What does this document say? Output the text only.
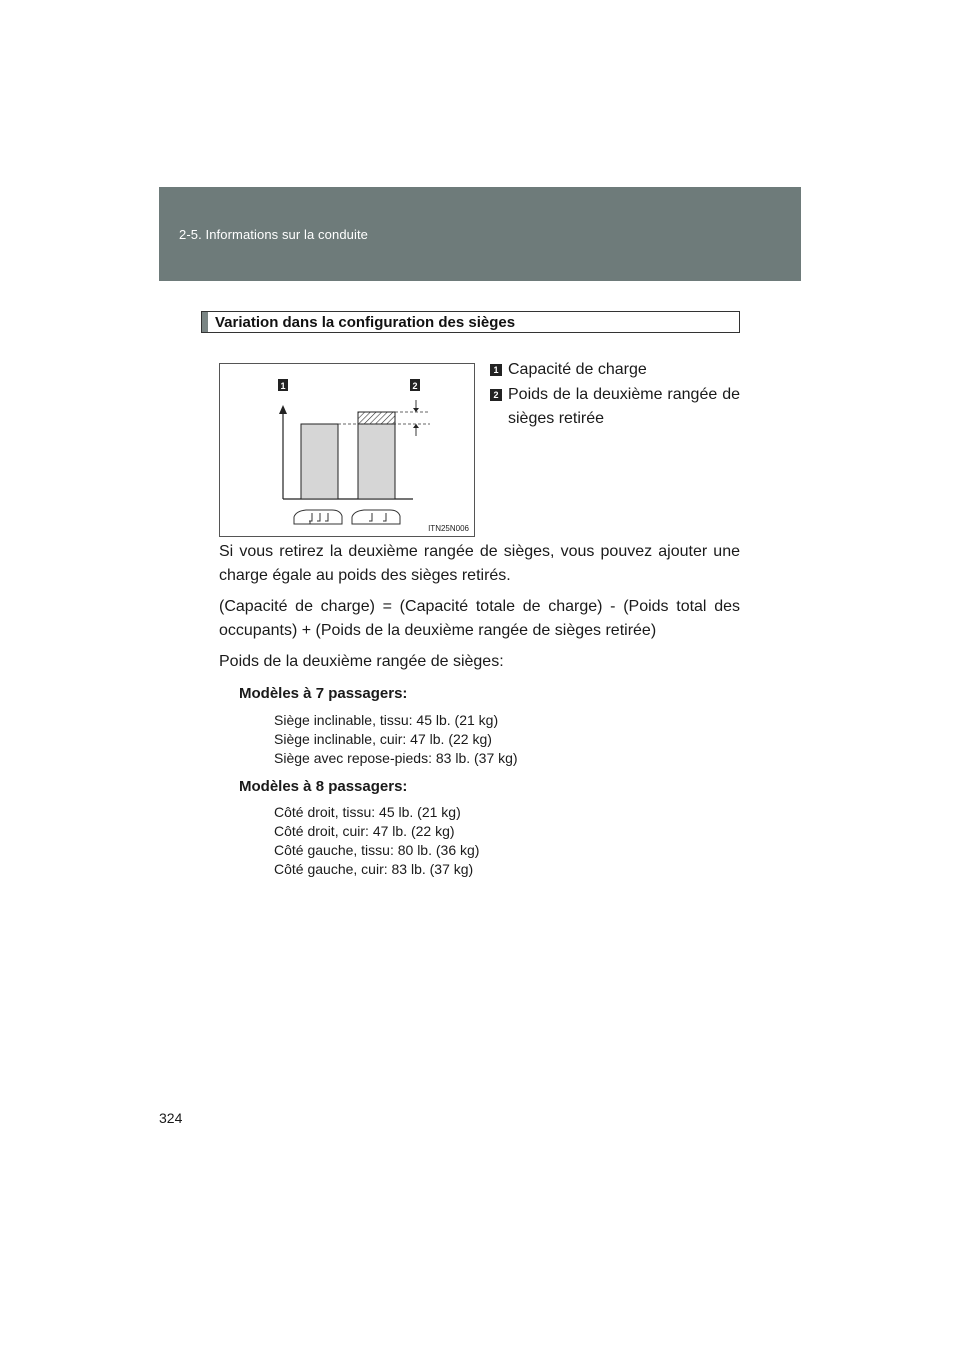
2-5. Informations sur la conduite
Variation dans la configuration des sièges
1	2
ITN25N006
1 Capacité de charge
2 Poids de la deuxième rangée de sièges retirée

Si vous retirez la deuxième rangée de sièges, vous pouvez ajouter une charge égale au poids des sièges retirés.

(Capacité de charge) = (Capacité totale de charge) - (Poids total des occupants) + (Poids de la deuxième rangée de sièges retirée)

Poids de la deuxième rangée de sièges:

Modèles à 7 passagers:

Siège inclinable, tissu: 45 lb. (21 kg)
Siège inclinable, cuir: 47 lb. (22 kg)
Siège avec repose-pieds: 83 lb. (37 kg)

Modèles à 8 passagers:

Côté droit, tissu: 45 lb. (21 kg)
Côté droit, cuir: 47 lb. (22 kg)
Côté gauche, tissu: 80 lb. (36 kg)
Côté gauche, cuir: 83 lb. (37 kg)
324
